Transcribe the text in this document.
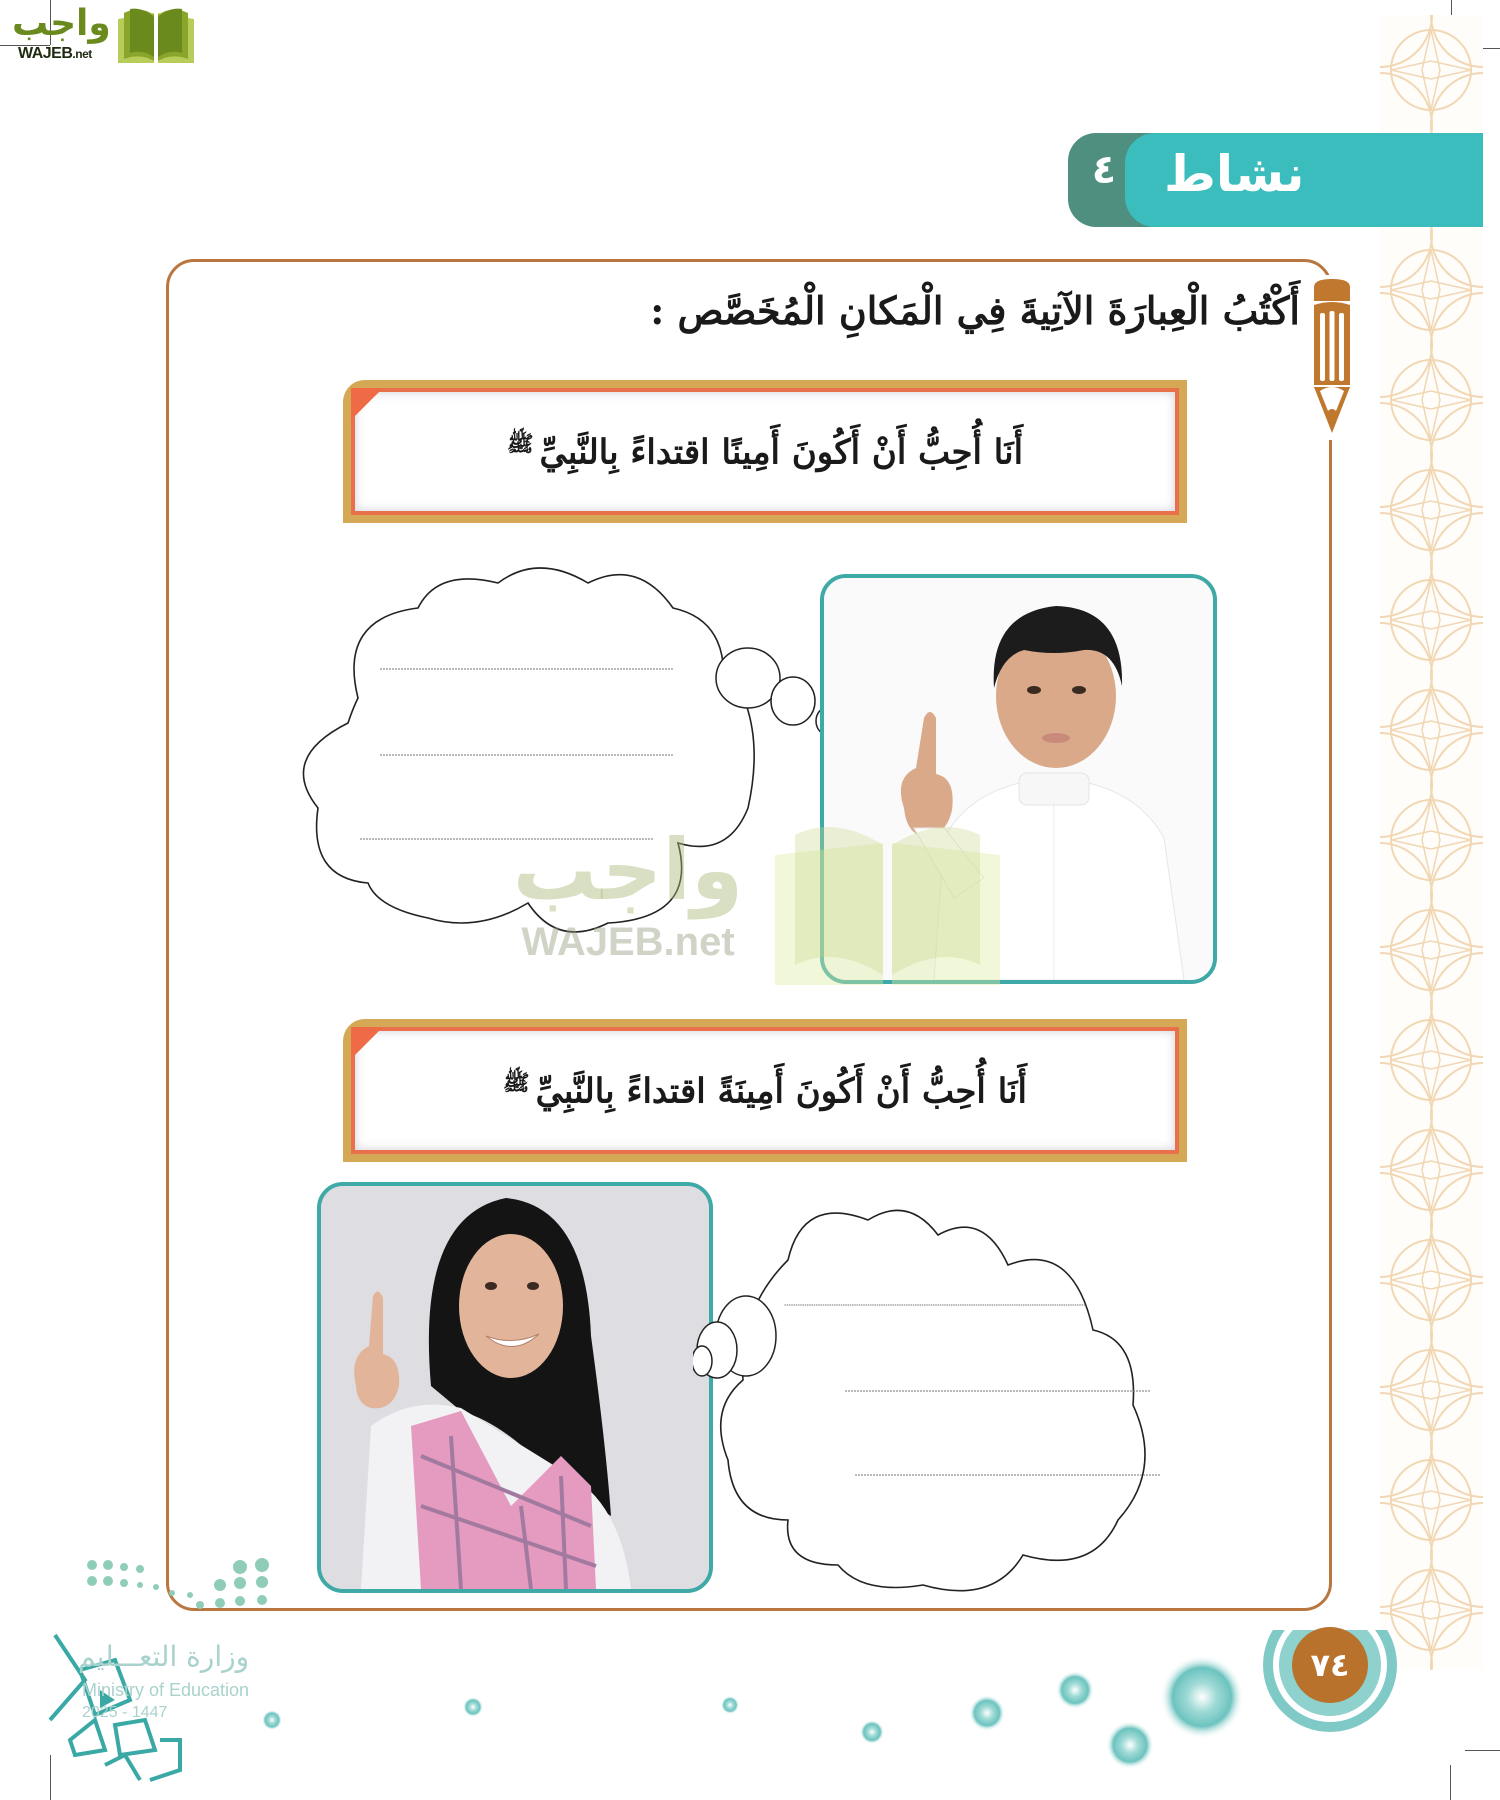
واجب
WAJEB.net
٤ نشاط
أَكْتُبُ الْعِبارَةَ الآتِيةَ فِي الْمَكانِ الْمُخَصَّص :
أَنَا أُحِبُّ أَنْ أَكُونَ أَمِينًا اقتداءً بِالنَّبِيِّ$^ﷺ$
واجب
WAJEB.net
أَنَا أُحِبُّ أَنْ أَكُونَ أَمِينَةً اقتداءً بِالنَّبِيِّ$^ﷺ$
وزارة التعـــليم
Ministry of Education
2025 - 1447
٧٤
